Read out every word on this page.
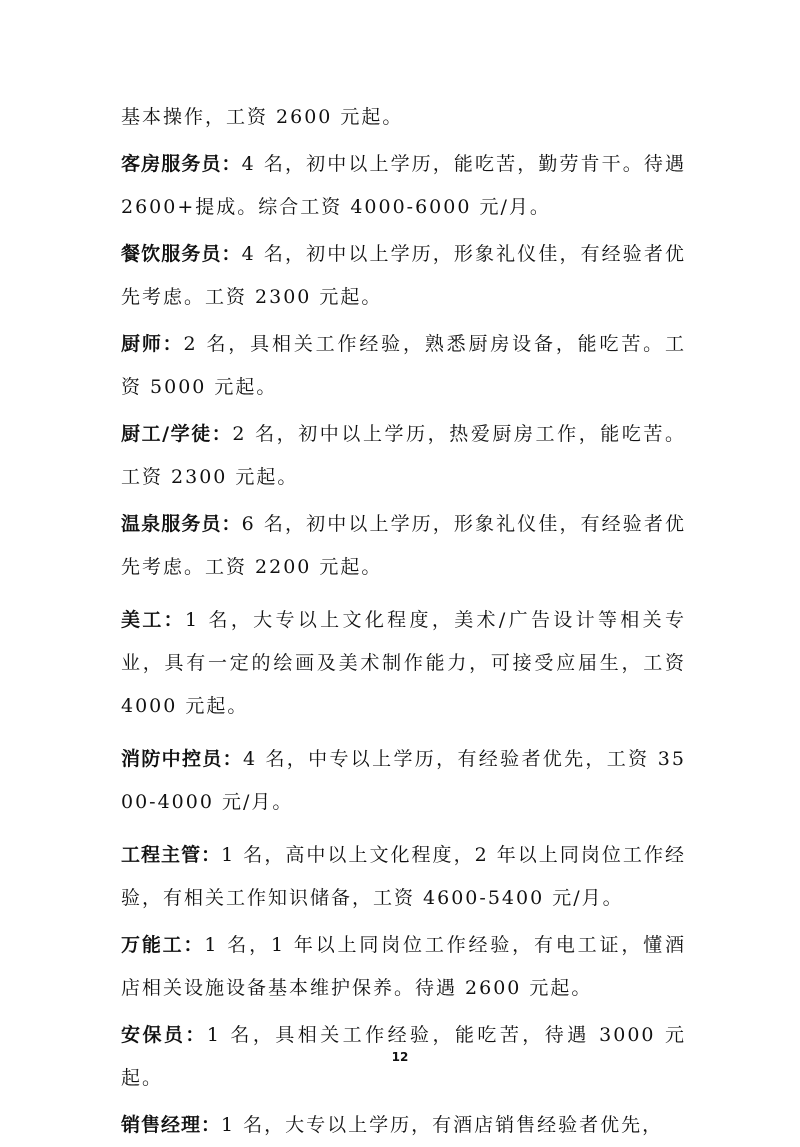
基本操作，工资 2600 元起。

客房服务员：4 名，初中以上学历，能吃苦，勤劳肯干。待遇 2600+提成。综合工资 4000-6000 元/月。

餐饮服务员：4 名，初中以上学历，形象礼仪佳，有经验者优先考虑。工资 2300 元起。

厨师：2 名，具相关工作经验，熟悉厨房设备，能吃苦。工资 5000 元起。

厨工/学徒：2 名，初中以上学历，热爱厨房工作，能吃苦。工资 2300 元起。

温泉服务员：6 名，初中以上学历，形象礼仪佳，有经验者优先考虑。工资 2200 元起。

美工：1 名，大专以上文化程度，美术/广告设计等相关专业，具有一定的绘画及美术制作能力，可接受应届生，工资 4000 元起。

消防中控员：4 名，中专以上学历，有经验者优先，工资 3500-4000 元/月。

工程主管：1 名，高中以上文化程度，2 年以上同岗位工作经验，有相关工作知识储备，工资 4600-5400 元/月。

万能工：1 名，1 年以上同岗位工作经验，有电工证，懂酒店相关设施设备基本维护保养。待遇 2600 元起。

安保员：1 名，具相关工作经验，能吃苦，待遇 3000 元起。

销售经理：1 名，大专以上学历，有酒店销售经验者优先，

12
